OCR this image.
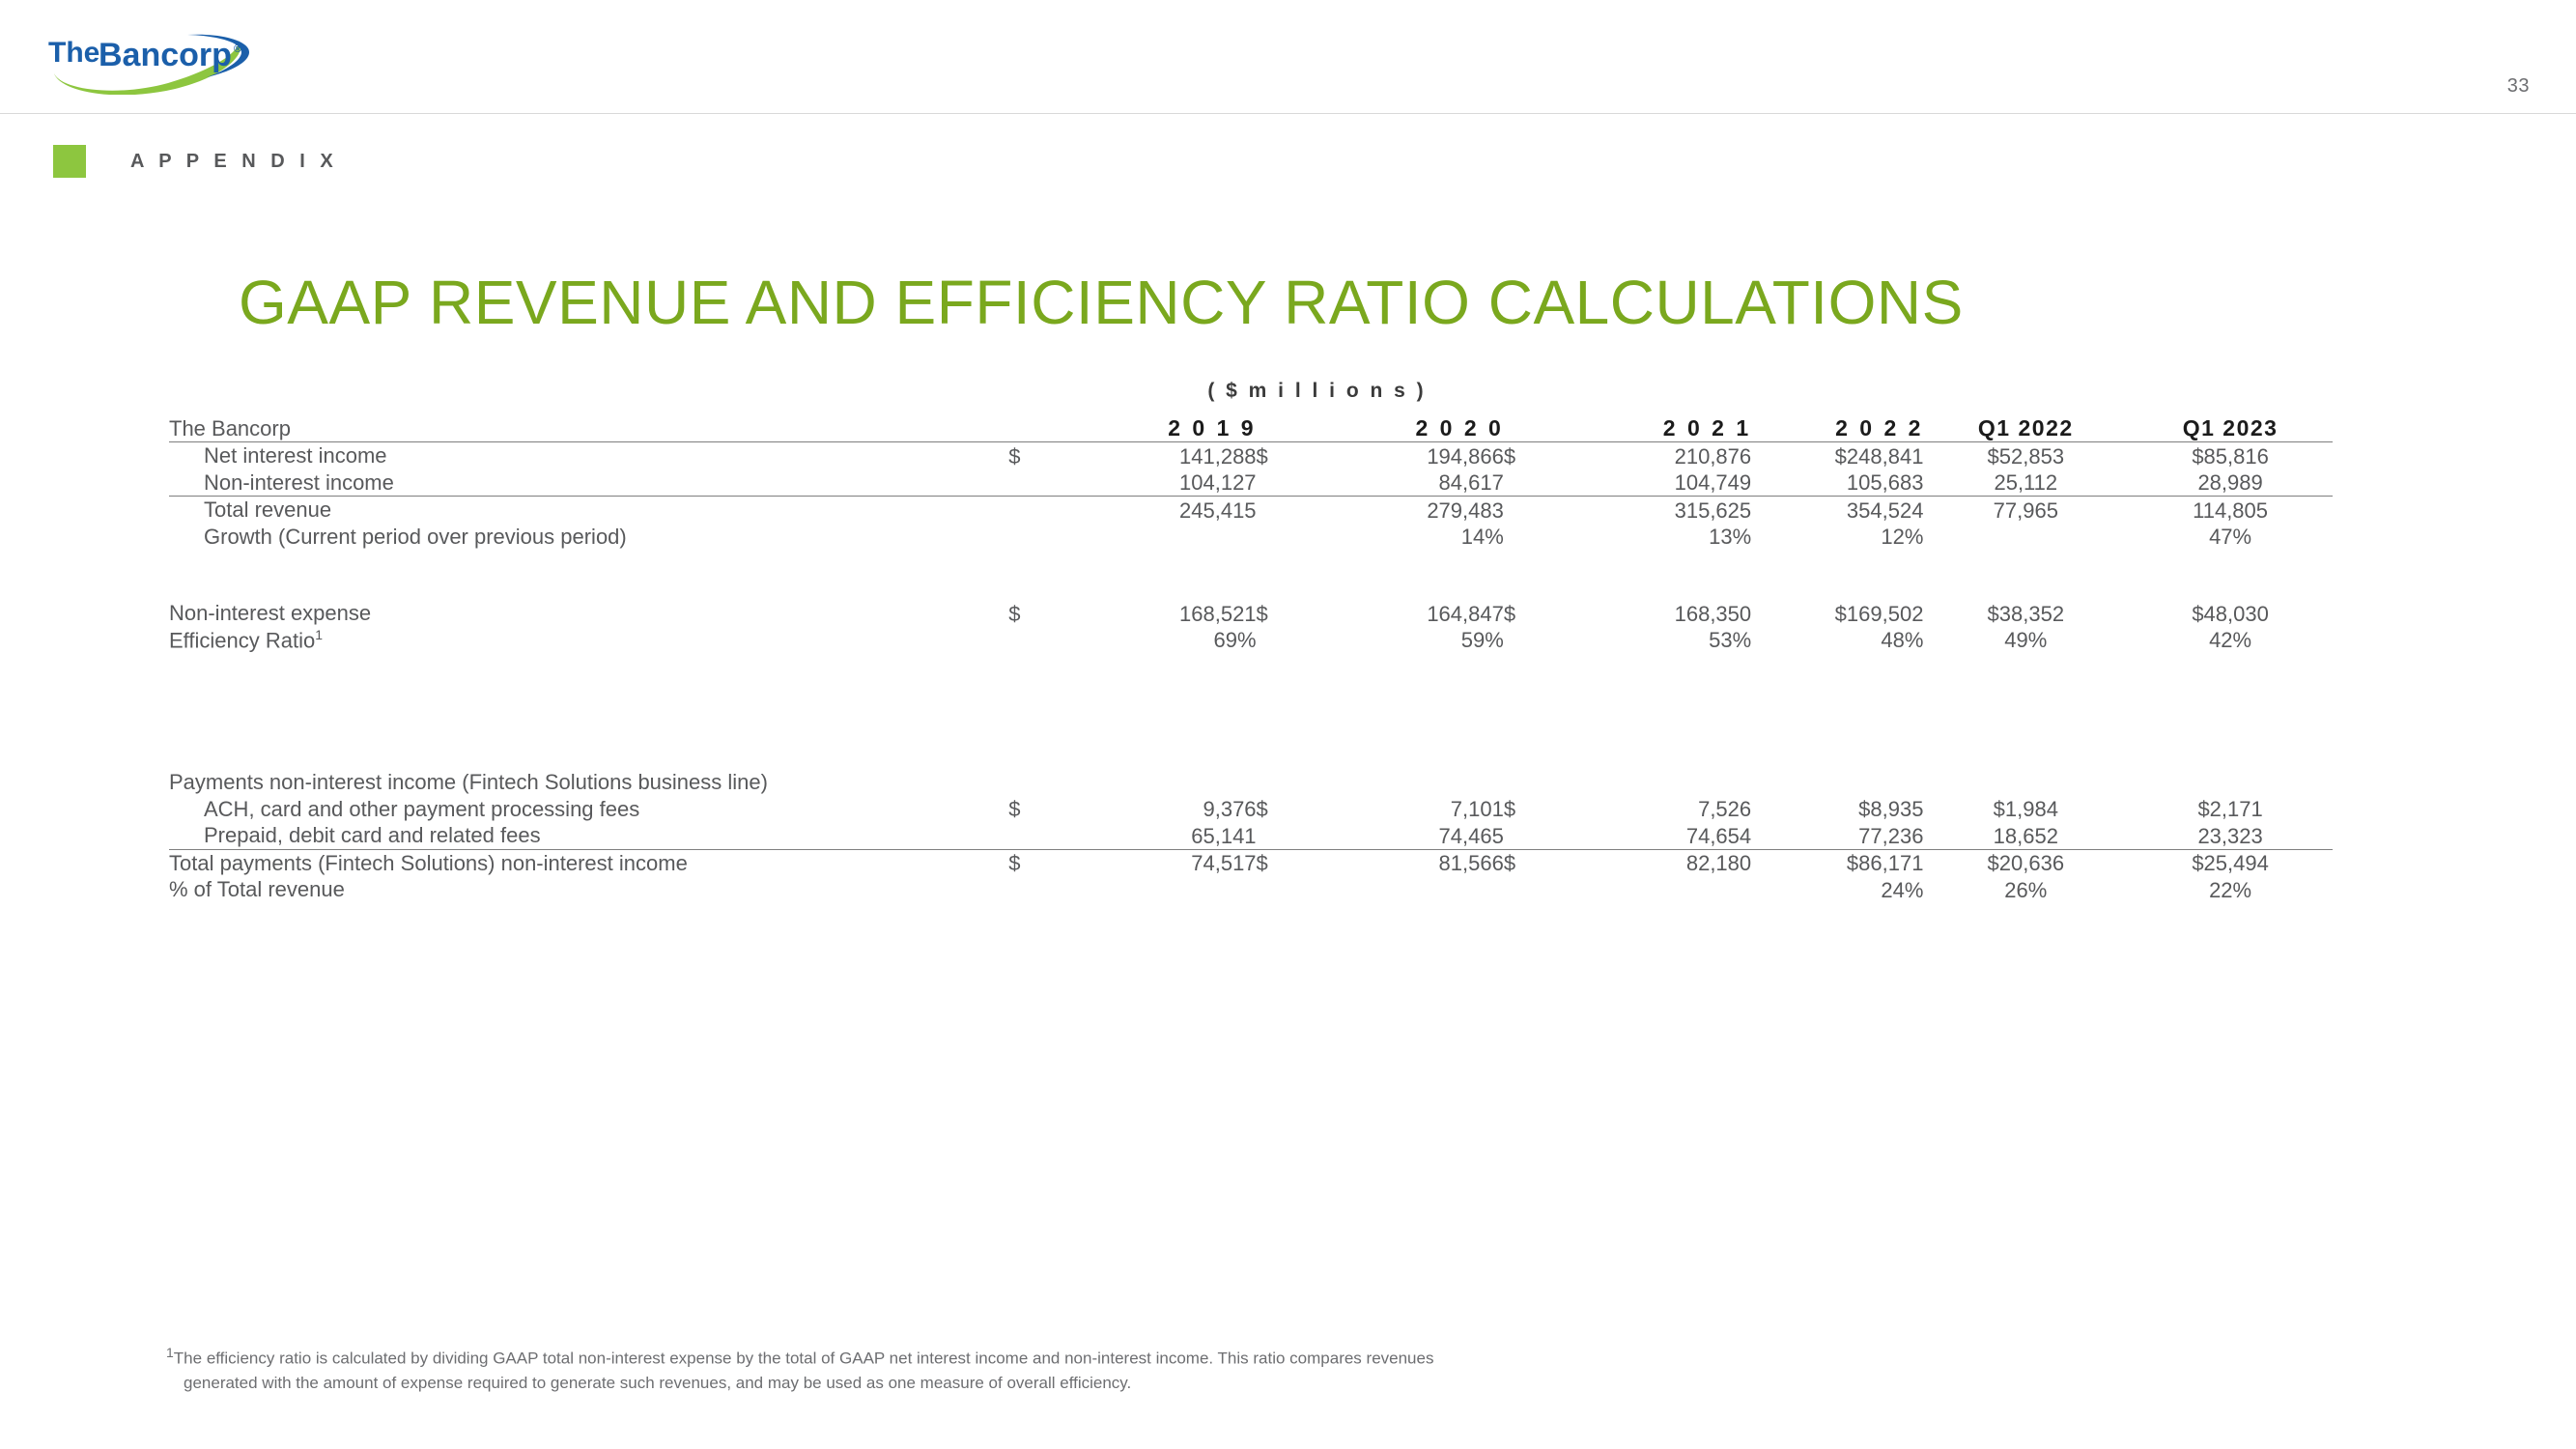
The
Bancorp ®
33
A P P E N D I X
GAAP REVENUE AND EFFICIENCY RATIO CALCULATIONS
( $ m i l l i o n s )
The Bancorp	2 0 1 9		2 0 2 0		2 0 2 1		2 0 2 2	Q1 2022	Q1 2023
Net interest income	$	141,288	$	194,866	$	210,876	$248,841	$52,853	$85,816
Non-interest income		104,127		84,617		104,749	105,683	25,112	28,989
Total revenue		245,415		279,483		315,625	354,524	77,965	114,805
Growth (Current period over previous period)				14%		13%	12%		47%

Non-interest expense	$	168,521	$	164,847	$	168,350	$169,502	$38,352	$48,030
Efficiency Ratio$^1$		69%		59%		53%	48%	49%	42%

Payments non-interest income (Fintech Solutions business line)									
ACH, card and other payment processing fees	$	9,376	$	7,101	$	7,526	$8,935	$1,984	$2,171
Prepaid, debit card and related fees		65,141		74,465		74,654	77,236	18,652	23,323
Total payments (Fintech Solutions) non-interest income	$	74,517	$	81,566	$	82,180	$86,171	$20,636	$25,494
% of Total revenue							24%	26%	22%
$^1$The efficiency ratio is calculated by dividing GAAP total non-interest expense by the total of GAAP net interest income and non-interest income. This ratio compares revenues
generated with the amount of expense required to generate such revenues, and may be used as one measure of overall efficiency.
